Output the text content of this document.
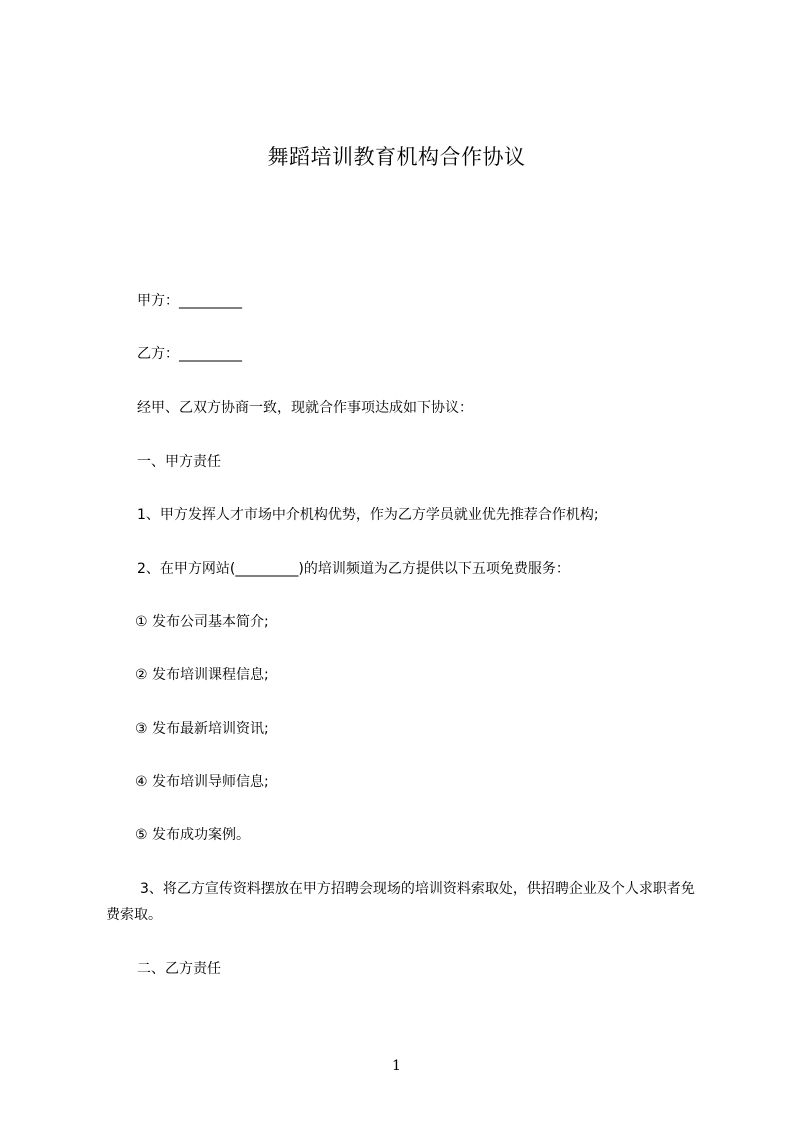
舞蹈培训教育机构合作协议
甲方：_________
乙方：_________
经甲、乙双方协商一致，现就合作事项达成如下协议：
一、甲方责任
1、甲方发挥人才市场中介机构优势，作为乙方学员就业优先推荐合作机构;
2、在甲方网站(_________)的培训频道为乙方提供以下五项免费服务：
① 发布公司基本简介;
② 发布培训课程信息;
③ 发布最新培训资讯;
④ 发布培训导师信息;
⑤ 发布成功案例。
3、将乙方宣传资料摆放在甲方招聘会现场的培训资料索取处，供招聘企业及个人求职者免费索取。
二、乙方责任
1
